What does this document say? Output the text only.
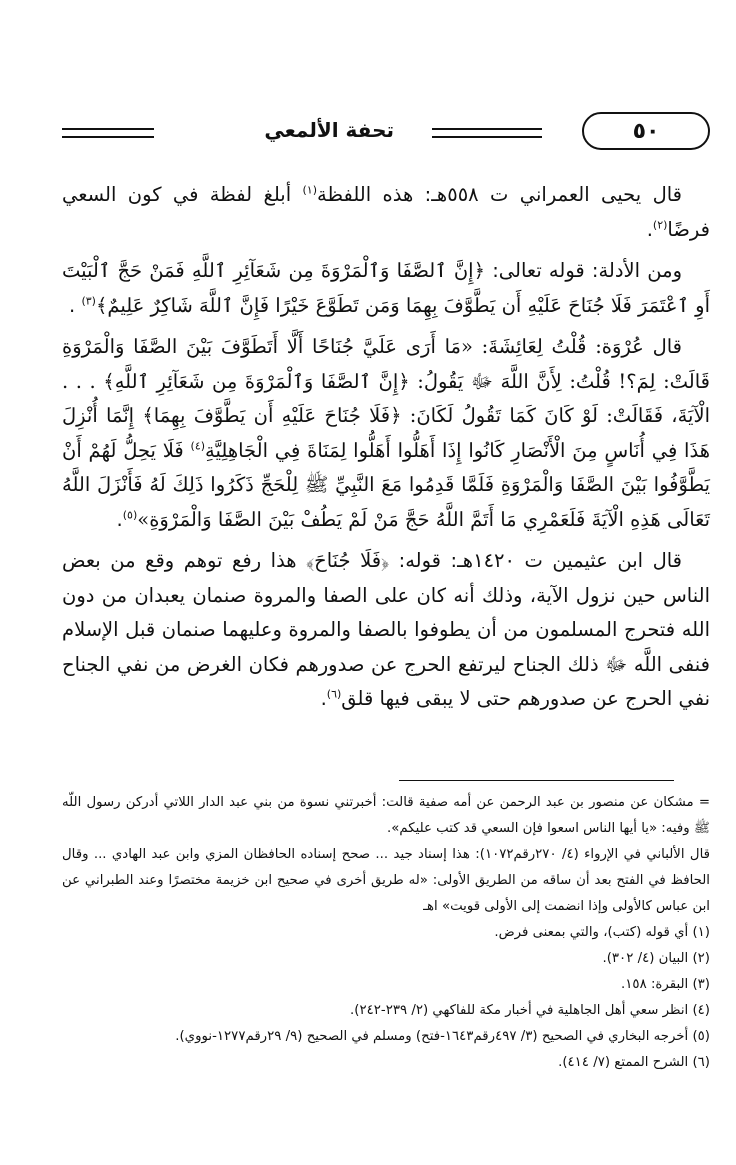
٥٠
تحفة الألمعي

قال يحيى العمراني ت ٥٥٨هـ: هذه اللفظة$^{(١)}$ أبلغ لفظة في كون السعي فرضًا$^{(٢)}$.

ومن الأدلة: قوله تعالى: ﴿إِنَّ ٱلصَّفَا وَٱلْمَرْوَةَ مِن شَعَآئِرِ ٱللَّهِ فَمَنْ حَجَّ ٱلْبَيْتَ أَوِ ٱعْتَمَرَ فَلَا جُنَاحَ عَلَيْهِ أَن يَطَّوَّفَ بِهِمَا وَمَن تَطَوَّعَ خَيْرًا فَإِنَّ ٱللَّهَ شَاكِرٌ عَلِيمٌ﴾$^{(٣)}$ .

قال عُرْوَة: قُلْتُ لِعَائِشَةَ: «مَا أَرَى عَلَيَّ جُنَاحًا أَلَّا أَتَطَوَّفَ بَيْنَ الصَّفَا وَالْمَرْوَةِ قَالَتْ: لِمَ؟! قُلْتُ: لِأَنَّ اللَّهَ ﷻ يَقُولُ: ﴿إِنَّ ٱلصَّفَا وَٱلْمَرْوَةَ مِن شَعَآئِرِ ٱللَّهِ﴾ . . . الْآيَةَ، فَقَالَتْ: لَوْ كَانَ كَمَا تَقُولُ لَكَانَ: ﴿فَلَا جُنَاحَ عَلَيْهِ أَن يَطَّوَّفَ بِهِمَا﴾ إِنَّمَا أُنْزِلَ هَذَا فِي أُنَاسٍ مِنَ الْأَنْصَارِ كَانُوا إِذَا أَهَلُّوا أَهَلُّوا لِمَنَاةَ فِي الْجَاهِلِيَّةِ$^{(٤)}$ فَلَا يَحِلُّ لَهُمْ أَنْ يَطَّوَّفُوا بَيْنَ الصَّفَا وَالْمَرْوَةِ فَلَمَّا قَدِمُوا مَعَ النَّبِيِّ ﷺ لِلْحَجِّ ذَكَرُوا ذَلِكَ لَهُ فَأَنْزَلَ اللَّهُ تَعَالَى هَذِهِ الْآيَةَ فَلَعَمْرِي مَا أَتَمَّ اللَّهُ حَجَّ مَنْ لَمْ يَطُفْ بَيْنَ الصَّفَا وَالْمَرْوَةِ»$^{(٥)}$.

قال ابن عثيمين ت ١٤٢٠هـ: قوله: ﴿فَلَا جُنَاحَ﴾ هذا رفع توهم وقع من بعض الناس حين نزول الآية، وذلك أنه كان على الصفا والمروة صنمان يعبدان من دون الله فتحرج المسلمون من أن يطوفوا بالصفا والمروة وعليهما صنمان قبل الإسلام فنفى اللَّه ﷻ ذلك الجناح ليرتفع الحرج عن صدورهم فكان الغرض من نفي الجناح نفي الحرج عن صدورهم حتى لا يبقى فيها قلق$^{(٦)}$.

= مشكان عن منصور بن عبد الرحمن عن أمه صفية قالت: أخبرتني نسوة من بني عبد الدار اللاتي أدركن رسول اللّه ﷺ وفيه: «يا أيها الناس اسعوا فإن السعي قد كتب عليكم».

قال الألباني في الإرواء (٤/ ٢٧٠رقم١٠٧٢): هذا إسناد جيد ... صحح إسناده الحافظان المزي وابن عبد الهادي ... وقال الحافظ في الفتح بعد أن ساقه من الطريق الأولى: «له طريق أخرى في صحيح ابن خزيمة مختصرًا وعند الطبراني عن ابن عباس كالأولى وإذا انضمت إلى الأولى قويت» اهـ

(١) أي قوله (كتب)، والتي بمعنى فرض.

(٢) البيان (٤/ ٣٠٢).

(٣) البقرة: ١٥٨.

(٤) انظر سعي أهل الجاهلية في أخبار مكة للفاكهي (٢/ ٢٣٩-٢٤٢).

(٥) أخرجه البخاري في الصحيح (٣/ ٤٩٧رقم١٦٤٣-فتح) ومسلم في الصحيح (٩/ ٢٩رقم١٢٧٧-نووي).

(٦) الشرح الممتع (٧/ ٤١٤).
